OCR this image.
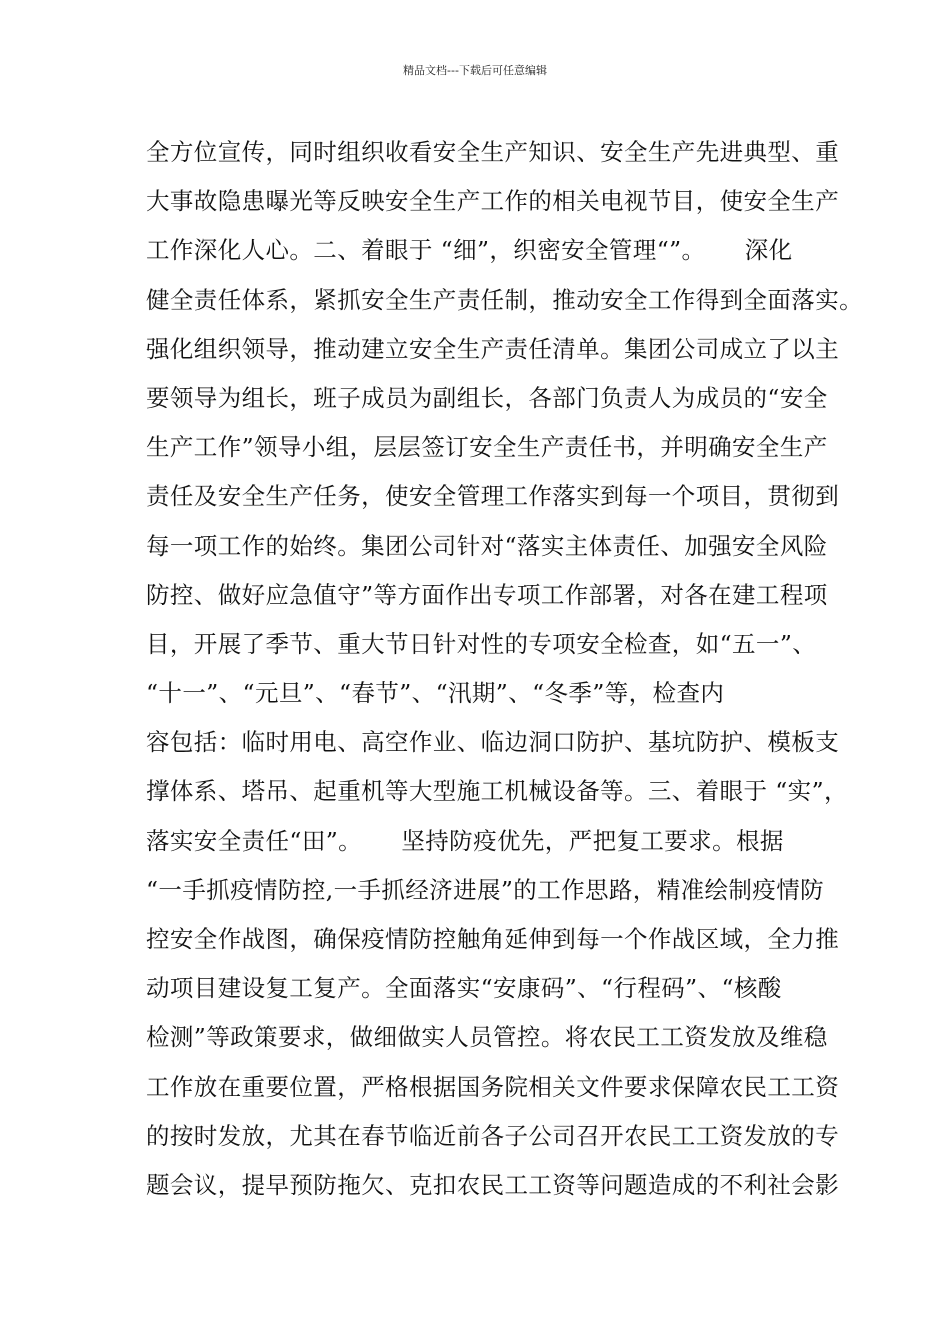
精品文档---下载后可任意编辑
全方位宣传，同时组织收看安全生产知识、安全生产先进典型、重
大事故隐患曝光等反映安全生产工作的相关电视节目，使安全生产
工作深化人心。二、着眼于 “细”，织密安全管理“”。     深化
健全责任体系，紧抓安全生产责任制，推动安全工作得到全面落实。
强化组织领导，推动建立安全生产责任清单。集团公司成立了以主
要领导为组长，班子成员为副组长，各部门负责人为成员的“安全
生产工作”领导小组，层层签订安全生产责任书，并明确安全生产
责任及安全生产任务，使安全管理工作落实到每一个项目，贯彻到
每一项工作的始终。集团公司针对“落实主体责任、加强安全风险
防控、做好应急值守”等方面作出专项工作部署，对各在建工程项
目，开展了季节、重大节日针对性的专项安全检查，如“五一”、
“十一”、“元旦”、“春节”、“汛期”、“冬季”等，检查内
容包括：临时用电、高空作业、临边洞口防护、基坑防护、模板支
撑体系、塔吊、起重机等大型施工机械设备等。三、着眼于 “实”，
落实安全责任“田”。     坚持防疫优先，严把复工要求。根据
“一手抓疫情防控,一手抓经济进展”的工作思路，精准绘制疫情防
控安全作战图，确保疫情防控触角延伸到每一个作战区域，全力推
动项目建设复工复产。全面落实“安康码”、“行程码”、“核酸
检测”等政策要求，做细做实人员管控。将农民工工资发放及维稳
工作放在重要位置，严格根据国务院相关文件要求保障农民工工资
的按时发放，尤其在春节临近前各子公司召开农民工工资发放的专
题会议，提早预防拖欠、克扣农民工工资等问题造成的不利社会影
